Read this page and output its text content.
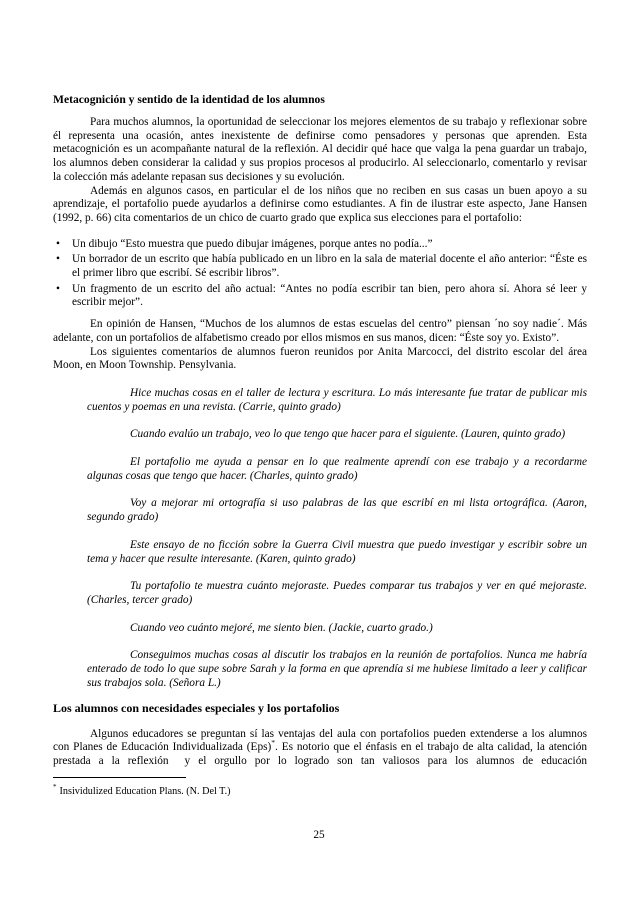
Metacognición y sentido de la identidad de los alumnos

Para muchos alumnos, la oportunidad de seleccionar los mejores elementos de su trabajo y reflexionar sobre él representa una ocasión, antes inexistente de definirse como pensadores y personas que aprenden. Esta metacognición es un acompañante natural de la reflexión. Al decidir qué hace que valga la pena guardar un trabajo, los alumnos deben considerar la calidad y sus propios procesos al producirlo. Al seleccionarlo, comentarlo y revisar la colección más adelante repasan sus decisiones y su evolución.

Además en algunos casos, en particular el de los niños que no reciben en sus casas un buen apoyo a su aprendizaje, el portafolio puede ayudarlos a definirse como estudiantes. A fin de ilustrar este aspecto, Jane Hansen (1992, p. 66) cita comentarios de un chico de cuarto grado que explica sus elecciones para el portafolio:

•
Un dibujo “Esto muestra que puedo dibujar imágenes, porque antes no podía...”
•
Un borrador de un escrito que había publicado en un libro en la sala de material docente el año anterior: “Éste es el primer libro que escribí. Sé escribir libros”.
•
Un fragmento de un escrito del año actual: “Antes no podía escribir tan bien, pero ahora sí. Ahora sé leer y escribir mejor”.

En opinión de Hansen, “Muchos de los alumnos de estas escuelas del centro” piensan ´no soy nadie´. Más adelante, con un portafolios de alfabetismo creado por ellos mismos en sus manos, dicen: “Éste soy yo. Existo”.

Los siguientes comentarios de alumnos fueron reunidos por Anita Marcocci, del distrito escolar del área Moon, en Moon Township. Pensylvania.

Hice muchas cosas en el taller de lectura y escritura. Lo más interesante fue tratar de publicar mis cuentos y poemas en una revista. (Carrie, quinto grado)

Cuando evalúo un trabajo, veo lo que tengo que hacer para el siguiente. (Lauren, quinto grado)

El portafolio me ayuda a pensar en lo que realmente aprendí con ese trabajo y a recordarme algunas cosas que tengo que hacer. (Charles, quinto grado)

Voy a mejorar mi ortografía si uso palabras de las que escribí en mi lista ortográfica. (Aaron, segundo grado)

Este ensayo de no ficción sobre la Guerra Civil muestra que puedo investigar y escribir sobre un tema y hacer que resulte interesante. (Karen, quinto grado)

Tu portafolio te muestra cuánto mejoraste. Puedes comparar tus trabajos y ver en qué mejoraste. (Charles, tercer grado)

Cuando veo cuánto mejoré, me siento bien. (Jackie, cuarto grado.)

Conseguimos muchas cosas al discutir los trabajos en la reunión de portafolios. Nunca me habría enterado de todo lo que supe sobre Sarah y la forma en que aprendía si me hubiese limitado a leer y calificar sus trabajos sola. (Señora L.)

Los alumnos con necesidades especiales y los portafolios

Algunos educadores se preguntan sí las ventajas del aula con portafolios pueden extenderse a los alumnos con Planes de Educación Individualizada (Eps)*. Es notorio que el énfasis en el trabajo de alta calidad, la atención prestada a la reflexión  y el orgullo por lo logrado son tan valiosos para los alumnos de educación

* Insividulized Education Plans. (N. Del T.)

25
